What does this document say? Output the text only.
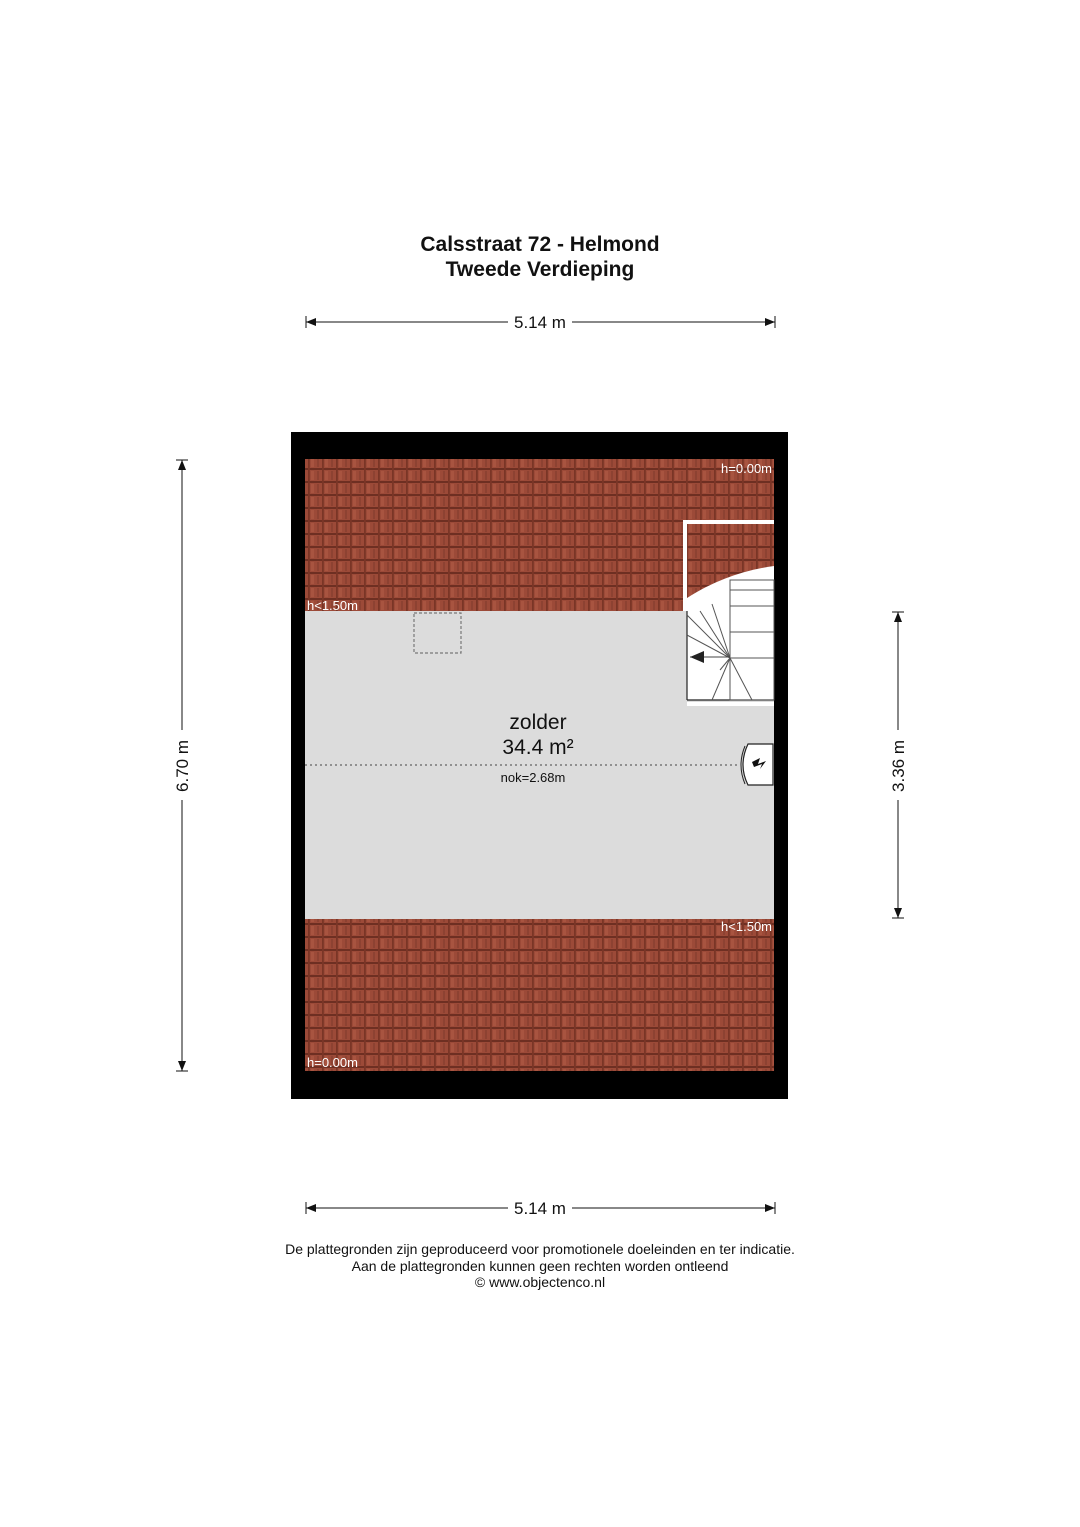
Calsstraat 72 - Helmond
Tweede Verdieping
5.14 m
6.70 m	3.36 m
5.14 m
zolder
34.4 m²
nok=2.68m
h=0.00m
h<1.50m
h<1.50m
h=0.00m
De plattegronden zijn geproduceerd voor promotionele doeleinden en ter indicatie.
Aan de plattegronden kunnen geen rechten worden ontleend
© www.objectenco.nl
